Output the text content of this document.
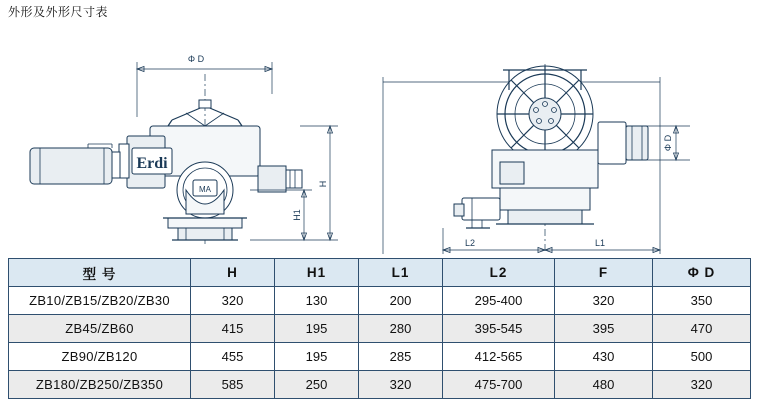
外形及外形尺寸表
Φ D
Erdi
MA
H
H1
Φ D
L2	L1
型 号	H	H1	L1	L2	F	Φ D
ZB10/ZB15/ZB20/ZB30	320	130	200	295-400	320	350
ZB45/ZB60	415	195	280	395-545	395	470
ZB90/ZB120	455	195	285	412-565	430	500
ZB180/ZB250/ZB350	585	250	320	475-700	480	320
